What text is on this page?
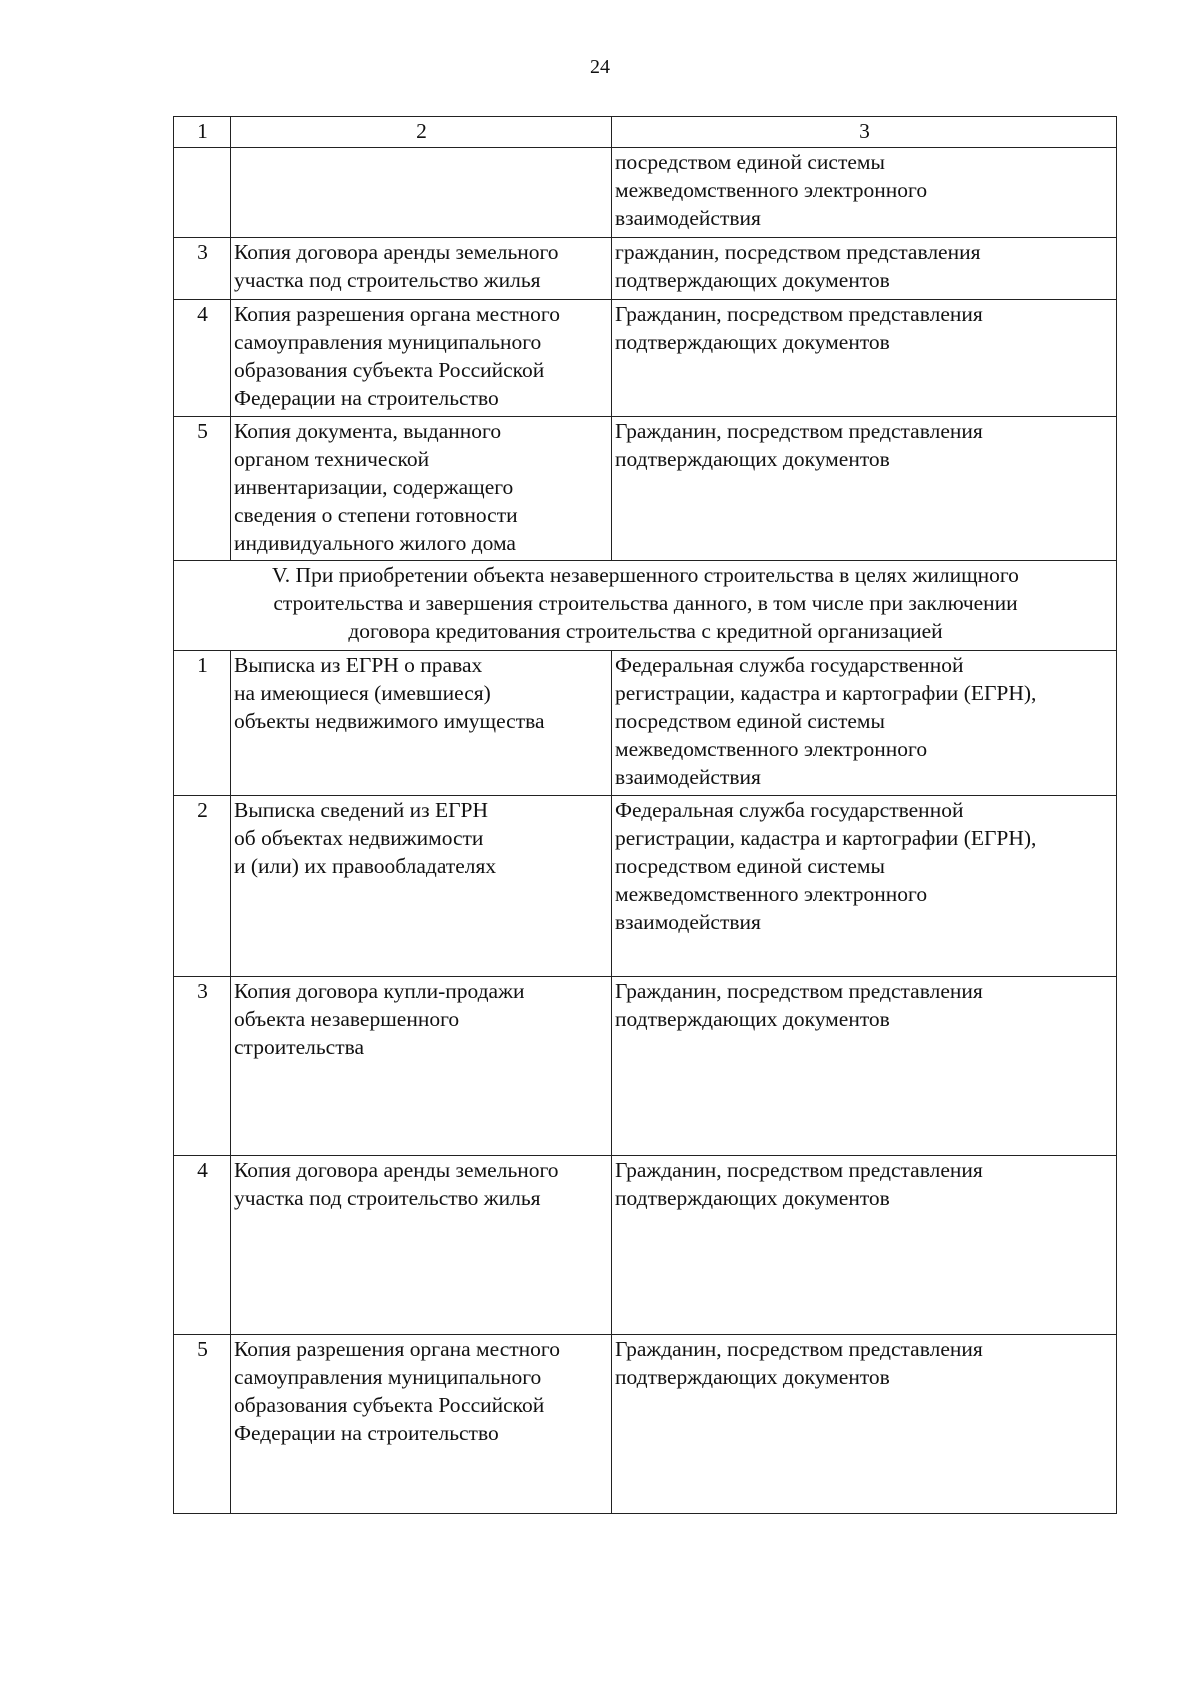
24
1	2	3

		посредством единой системы
межведомственного электронного
взаимодействия

3	Копия договора аренды земельного
участка под строительство жилья	гражданин, посредством представления
подтверждающих документов

4	Копия разрешения органа местного
самоуправления муниципального
образования субъекта Российской
Федерации на строительство	Гражданин, посредством представления
подтверждающих документов

5	Копия документа, выданного
органом технической
инвентаризации, содержащего
сведения о степени готовности
индивидуального жилого дома	Гражданин, посредством представления
подтверждающих документов

V. При приобретении объекта незавершенного строительства в целях жилищного
строительства и завершения строительства данного, в том числе при заключении
договора кредитования строительства с кредитной организацией		

1	Выписка из ЕГРН о правах
на имеющиеся (имевшиеся)
объекты недвижимого имущества	Федеральная служба государственной
регистрации, кадастра и картографии (ЕГРН),
посредством единой системы
межведомственного электронного
взаимодействия

2	Выписка сведений из ЕГРН
об объектах недвижимости
и (или) их правообладателях	Федеральная служба государственной
регистрации, кадастра и картографии (ЕГРН),
посредством единой системы
межведомственного электронного
взаимодействия

3	Копия договора купли-продажи
объекта незавершенного
строительства	Гражданин, посредством представления
подтверждающих документов

4	Копия договора аренды земельного
участка под строительство жилья	Гражданин, посредством представления
подтверждающих документов

5	Копия разрешения органа местного
самоуправления муниципального
образования субъекта Российской
Федерации на строительство	Гражданин, посредством представления
подтверждающих документов
